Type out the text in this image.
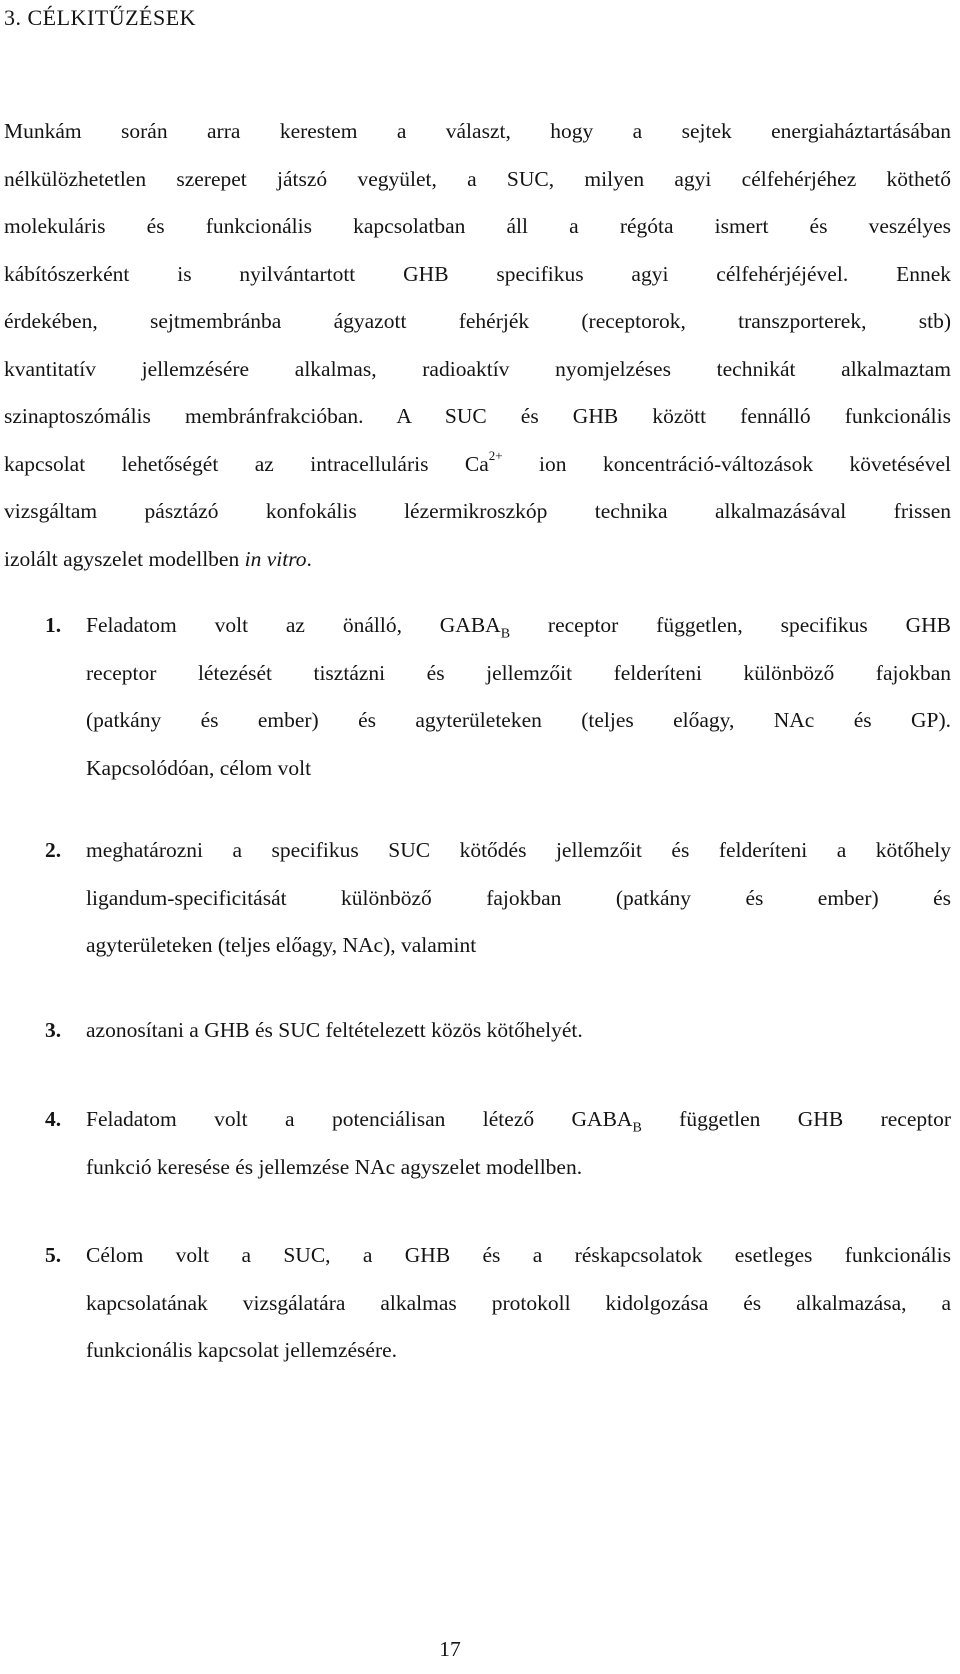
3. CÉLKITŰZÉSEK
Munkám során arra kerestem a választ, hogy a sejtek energiaháztartásában
nélkülözhetetlen szerepet játszó vegyület, a SUC, milyen agyi célfehérjéhez köthető
molekuláris és funkcionális kapcsolatban áll a régóta ismert és veszélyes
kábítószerként is nyilvántartott GHB specifikus agyi célfehérjéjével. Ennek
érdekében, sejtmembránba ágyazott fehérjék (receptorok, transzporterek, stb)
kvantitatív jellemzésére alkalmas, radioaktív nyomjelzéses technikát alkalmaztam
szinaptoszómális membránfrakcióban. A SUC és GHB között fennálló funkcionális
kapcsolat lehetőségét az intracelluláris $Ca^{2+}$ ion koncentráció-változások követésével
vizsgáltam pásztázó konfokális lézermikroszkóp technika alkalmazásával frissen
izolált agyszelet modellben in vitro.
1. Feladatom volt az önálló, $GABA_B$ receptor független, specifikus GHB
receptor létezését tisztázni és jellemzőit felderíteni különböző fajokban
(patkány és ember) és agyterületeken (teljes előagy, NAc és GP).
Kapcsolódóan, célom volt
2. meghatározni a specifikus SUC kötődés jellemzőit és felderíteni a kötőhely
ligandum-specificitását különböző fajokban (patkány és ember) és
agyterületeken (teljes előagy, NAc), valamint
3. azonosítani a GHB és SUC feltételezett közös kötőhelyét.
4. Feladatom volt a potenciálisan létező $GABA_B$ független GHB receptor
funkció keresése és jellemzése NAc agyszelet modellben.
5. Célom volt a SUC, a GHB és a réskapcsolatok esetleges funkcionális
kapcsolatának vizsgálatára alkalmas protokoll kidolgozása és alkalmazása, a
funkcionális kapcsolat jellemzésére.
17
